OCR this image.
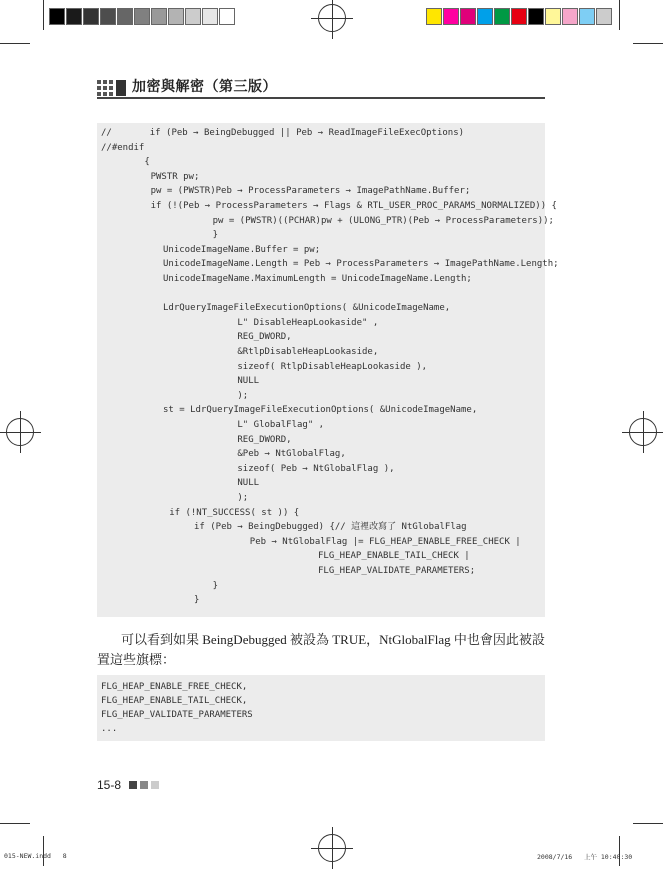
加密與解密（第三版）
//       if (Peb → BeingDebugged || Peb → ReadImageFileExecOptions)
//#endif
{
PWSTR pw;
pw = (PWSTR)Peb → ProcessParameters → ImagePathName.Buffer;
if (!(Peb → ProcessParameters → Flags & RTL_USER_PROC_PARAMS_NORMALIZED)) {
pw = (PWSTR)((PCHAR)pw + (ULONG_PTR)(Peb → ProcessParameters));
}
UnicodeImageName.Buffer = pw;
UnicodeImageName.Length = Peb → ProcessParameters → ImagePathName.Length;
UnicodeImageName.MaximumLength = UnicodeImageName.Length;
LdrQueryImageFileExecutionOptions( &UnicodeImageName,
L" DisableHeapLookaside" ,
REG_DWORD,
&RtlpDisableHeapLookaside,
sizeof( RtlpDisableHeapLookaside ),
NULL
);
st = LdrQueryImageFileExecutionOptions( &UnicodeImageName,
L" GlobalFlag" ,
REG_DWORD,
&Peb → NtGlobalFlag,
sizeof( Peb → NtGlobalFlag ),
NULL
);
if (!NT_SUCCESS( st )) {
if (Peb → BeingDebugged) {// 這裡改寫了 NtGlobalFlag
Peb → NtGlobalFlag |= FLG_HEAP_ENABLE_FREE_CHECK |
FLG_HEAP_ENABLE_TAIL_CHECK |
FLG_HEAP_VALIDATE_PARAMETERS;
}
}

可以看到如果 BeingDebugged 被設為 TRUE，NtGlobalFlag 中也會因此被設置這些旗標：

FLG_HEAP_ENABLE_FREE_CHECK,
FLG_HEAP_ENABLE_TAIL_CHECK,
FLG_HEAP_VALIDATE_PARAMETERS
...
15-8
015-NEW.indd   8	2008/7/16   上午 10:40:30
